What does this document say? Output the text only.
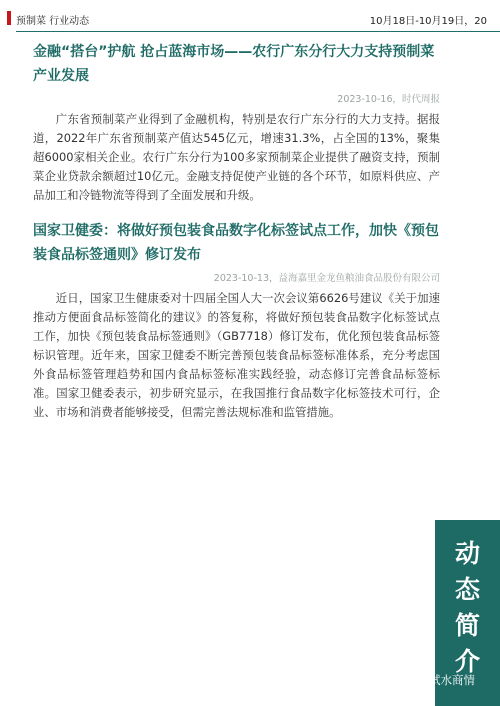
预制菜 行业动态	10月18日-10月19日，20
金融“搭台”护航 抢占蓝海市场——农行广东分行大力支持预制菜产业发展
2023-10-16，时代周报

广东省预制菜产业得到了金融机构，特别是农行广东分行的大力支持。据报道，2022年广东省预制菜产值达545亿元，增速31.3%，占全国的13%，聚集超6000家相关企业。农行广东分行为100多家预制菜企业提供了融资支持，预制菜企业贷款余额超过10亿元。金融支持促使产业链的各个环节，如原料供应、产品加工和冷链物流等得到了全面发展和升级。

国家卫健委：将做好预包装食品数字化标签试点工作，加快《预包装食品标签通则》修订发布
2023-10-13，益海嘉里金龙鱼粮油食品股份有限公司

近日，国家卫生健康委对十四届全国人大一次会议第6626号建议《关于加速推动方便面食品标签简化的建议》的答复称，将做好预包装食品数字化标签试点工作，加快《预包装食品标签通则》（GB7718）修订发布，优化预包装食品标签标识管理。近年来，国家卫健委不断完善预包装食品标签标准体系，充分考虑国外食品标签管理趋势和国内食品标签标准实践经验，动态修订完善食品标签标准。国家卫健委表示，初步研究显示，在我国推行食品数字化标签技术可行，企业、市场和消费者能够接受，但需完善法规标准和监管措施。

动
态
简
介
试水商情
